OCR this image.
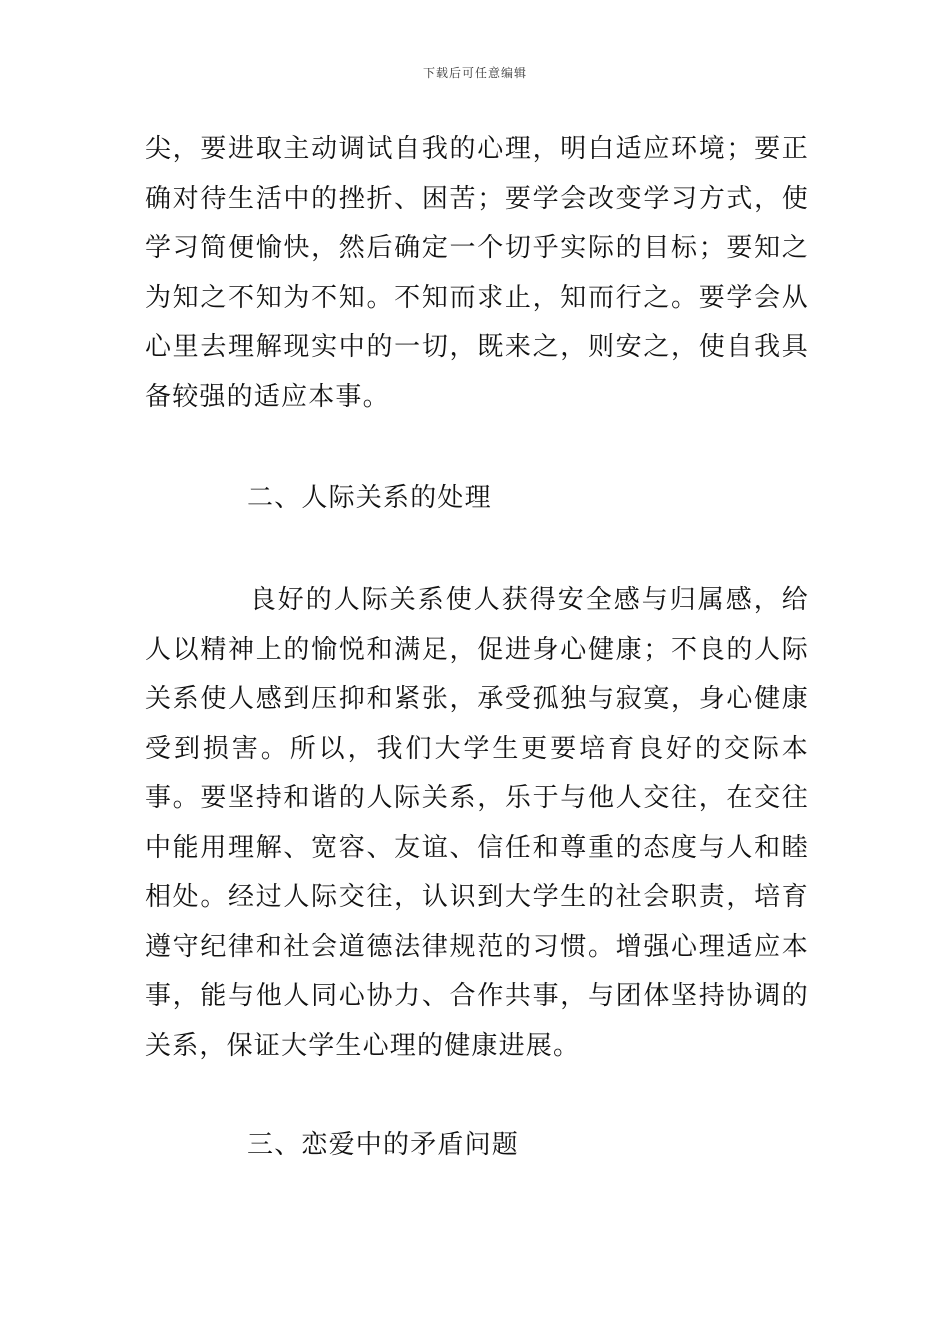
下载后可任意编辑
尖，要进取主动调试自我的心理，明白适应环境；要正确对待生活中的挫折、困苦；要学会改变学习方式，使学习简便愉快，然后确定一个切乎实际的目标；要知之为知之不知为不知。不知而求止，知而行之。要学会从心里去理解现实中的一切，既来之，则安之，使自我具备较强的适应本事。
二、人际关系的处理
良好的人际关系使人获得安全感与归属感，给人以精神上的愉悦和满足，促进身心健康；不良的人际关系使人感到压抑和紧张，承受孤独与寂寞，身心健康受到损害。所以，我们大学生更要培育良好的交际本事。要坚持和谐的人际关系，乐于与他人交往，在交往中能用理解、宽容、友谊、信任和尊重的态度与人和睦相处。经过人际交往，认识到大学生的社会职责，培育遵守纪律和社会道德法律规范的习惯。增强心理适应本事，能与他人同心协力、合作共事，与团体坚持协调的关系，保证大学生心理的健康进展。
三、恋爱中的矛盾问题
